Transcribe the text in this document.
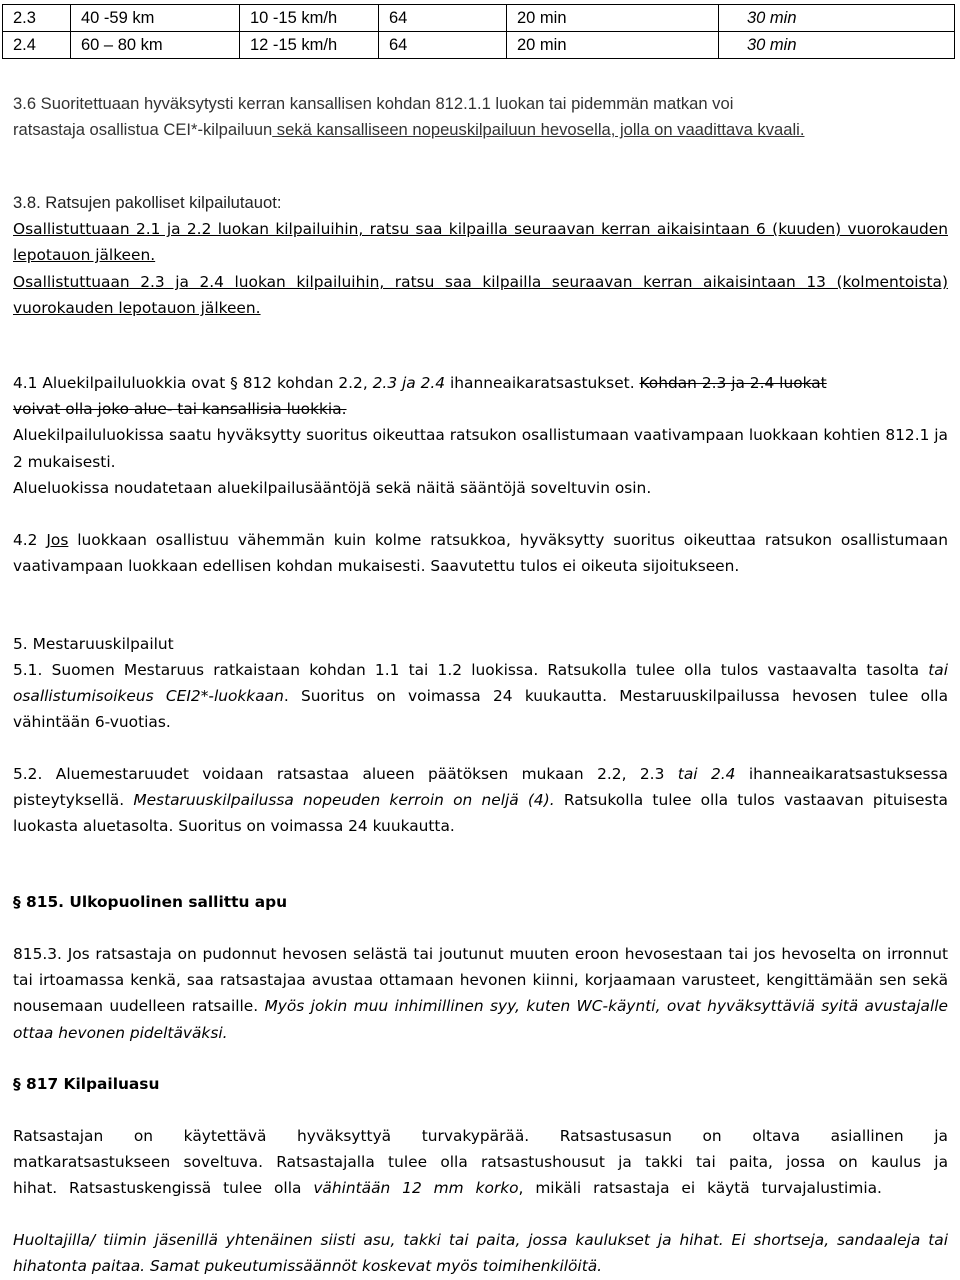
2.3	40 -59 km	10 -15 km/h	64	20 min	30 min
2.4	60 – 80 km	12 -15 km/h	64	20 min	30 min
3.6 Suoritettuaan hyväksytysti kerran kansallisen kohdan 812.1.1 luokan tai pidemmän matkan voi
ratsastaja osallistua CEI*-kilpailuun sekä kansalliseen nopeuskilpailuun hevosella, jolla on vaadittava kvaali.
3.8. Ratsujen pakolliset kilpailutauot:
Osallistuttuaan 2.1 ja 2.2 luokan kilpailuihin, ratsu saa kilpailla seuraavan kerran aikaisintaan 6 (kuuden) vuorokauden lepotauon jälkeen.
Osallistuttuaan 2.3 ja 2.4 luokan kilpailuihin, ratsu saa kilpailla seuraavan kerran aikaisintaan 13 (kolmentoista) vuorokauden lepotauon jälkeen.
4.1 Aluekilpailuluokkia ovat § 812 kohdan 2.2, 2.3 ja 2.4 ihanneaikaratsastukset. Kohdan 2.3 ja 2.4 luokat
voivat olla joko alue- tai kansallisia luokkia.
Aluekilpailuluokissa saatu hyväksytty suoritus oikeuttaa ratsukon osallistumaan vaativampaan luokkaan kohtien 812.1 ja 2 mukaisesti.
Alueluokissa noudatetaan aluekilpailusääntöjä sekä näitä sääntöjä soveltuvin osin.
4.2 Jos luokkaan osallistuu vähemmän kuin kolme ratsukkoa, hyväksytty suoritus oikeuttaa ratsukon osallistumaan vaativampaan luokkaan edellisen kohdan mukaisesti. Saavutettu tulos ei oikeuta sijoitukseen.
5. Mestaruuskilpailut
5.1. Suomen Mestaruus ratkaistaan kohdan 1.1 tai 1.2 luokissa. Ratsukolla tulee olla tulos vastaavalta tasolta tai osallistumisoikeus CEI2*-luokkaan. Suoritus on voimassa 24 kuukautta. Mestaruuskilpailussa hevosen tulee olla vähintään 6-vuotias.
5.2. Aluemestaruudet voidaan ratsastaa alueen päätöksen mukaan 2.2, 2.3 tai 2.4 ihanneaikaratsastuksessa pisteytyksellä. Mestaruuskilpailussa nopeuden kerroin on neljä (4). Ratsukolla tulee olla tulos vastaavan pituisesta luokasta aluetasolta. Suoritus on voimassa 24 kuukautta.
§ 815. Ulkopuolinen sallittu apu
815.3. Jos ratsastaja on pudonnut hevosen selästä tai joutunut muuten eroon hevosestaan tai jos hevoselta on irronnut tai irtoamassa kenkä, saa ratsastajaa avustaa ottamaan hevonen kiinni, korjaamaan varusteet, kengittämään sen sekä nousemaan uudelleen ratsaille. Myös jokin muu inhimillinen syy, kuten WC-käynti, ovat hyväksyttäviä syitä avustajalle ottaa hevonen pideltäväksi.
§ 817 Kilpailuasu
Ratsastajan on käytettävä hyväksyttyä turvakypärää. Ratsastusasun on oltava asiallinen ja matkaratsastukseen soveltuva. Ratsastajalla tulee olla ratsastushousut ja takki tai paita, jossa on kaulus ja hihat. Ratsastuskengissä tulee olla vähintään 12 mm korko, mikäli ratsastaja ei käytä turvajalustimia.
Huoltajilla/ tiimin jäsenillä yhtenäinen siisti asu, takki tai paita, jossa kaulukset ja hihat. Ei shortseja, sandaaleja tai hihatonta paitaa. Samat pukeutumissäännöt koskevat myös toimihenkilöitä.
